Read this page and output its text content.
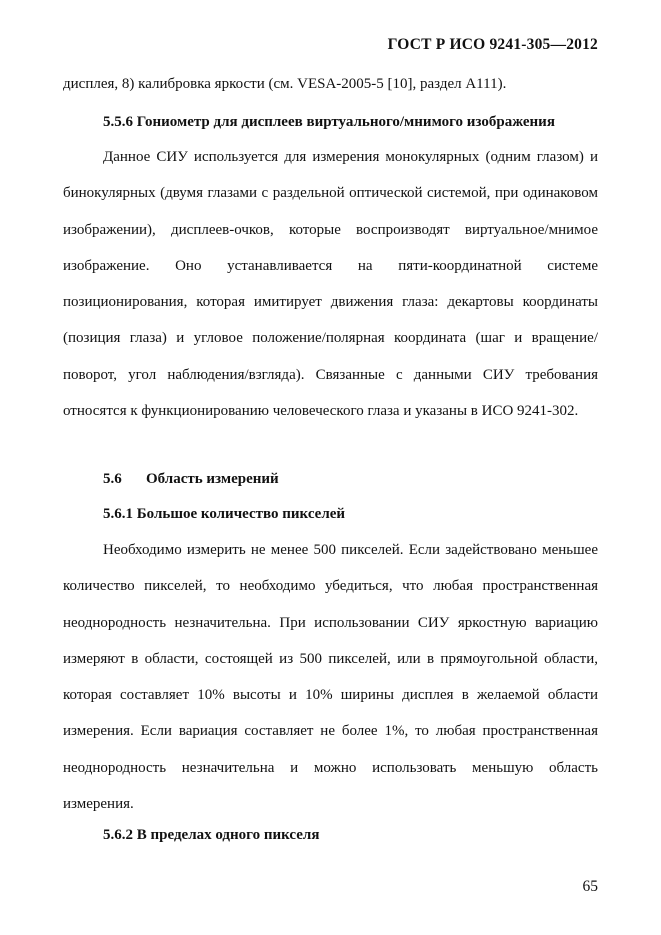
ГОСТ Р ИСО 9241-305—2012
дисплея, 8) калибровка яркости (см. VESA-2005-5 [10], раздел A111).
5.5.6 Гониометр для дисплеев виртуального/мнимого изображения
Данное СИУ используется для измерения монокулярных (одним глазом) и бинокулярных (двумя глазами с раздельной оптической системой, при одинаковом изображении), дисплеев-очков, которые воспроизводят виртуальное/мнимое изображение. Оно устанавливается на пяти-координатной системе позиционирования, которая имитирует движения глаза: декартовы координаты (позиция глаза) и угловое положение/полярная координата (шаг и вращение/поворот, угол наблюдения/взгляда). Связанные с данными СИУ требования относятся к функционированию человеческого глаза и указаны в ИСО 9241-302.
5.6 Область измерений
5.6.1 Большое количество пикселей
Необходимо измерить не менее 500 пикселей. Если задействовано меньшее количество пикселей, то необходимо убедиться, что любая пространственная неоднородность незначительна. При использовании СИУ яркостную вариацию измеряют в области, состоящей из 500 пикселей, или в прямоугольной области, которая составляет 10% высоты и 10% ширины дисплея в желаемой области измерения. Если вариация составляет не более 1%, то любая пространственная неоднородность незначительна и можно использовать меньшую область измерения.
5.6.2 В пределах одного пикселя
65
